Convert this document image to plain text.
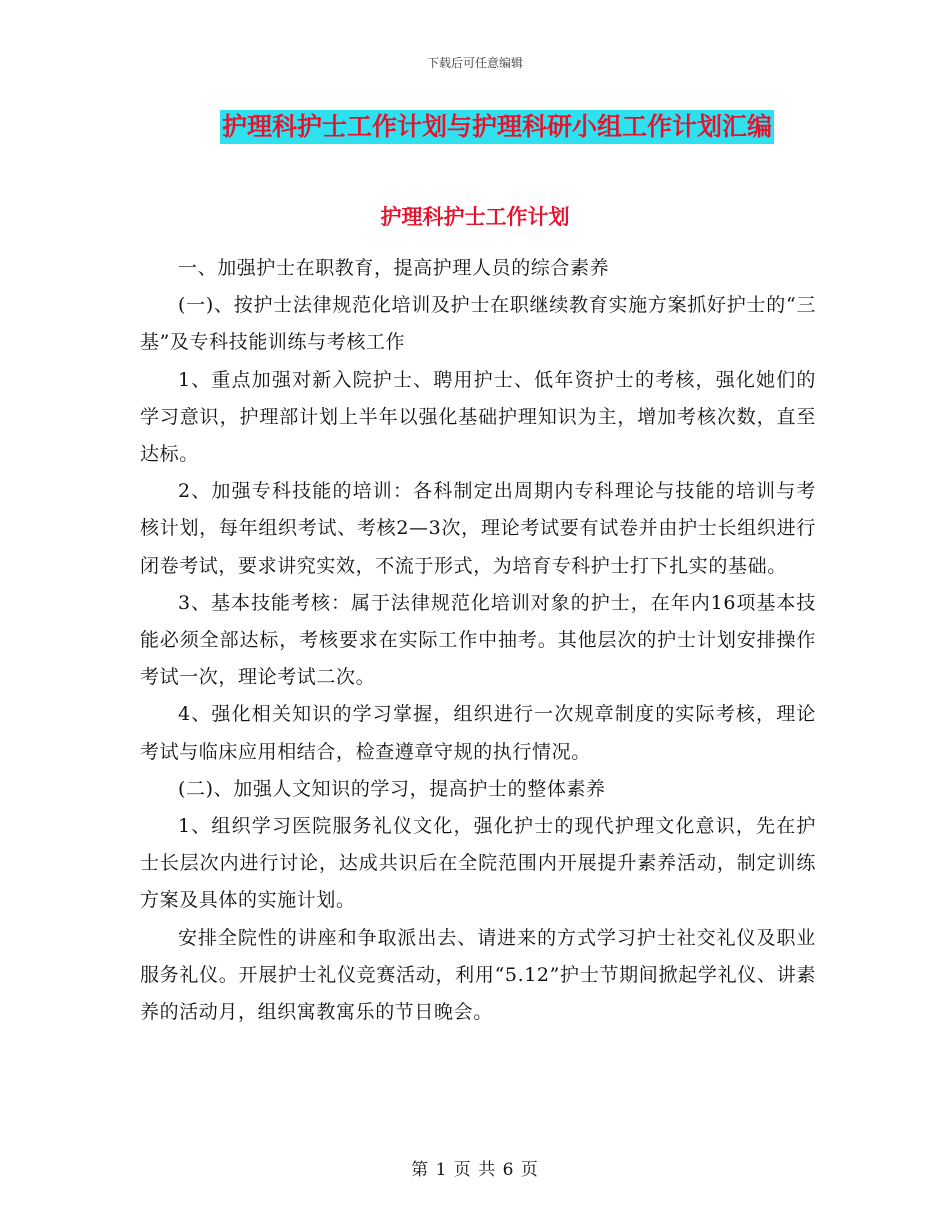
下载后可任意编辑
护理科护士工作计划与护理科研小组工作计划汇编
护理科护士工作计划

一、加强护士在职教育，提高护理人员的综合素养

(一)、按护士法律规范化培训及护士在职继续教育实施方案抓好护士的“三基”及专科技能训练与考核工作

1、重点加强对新入院护士、聘用护士、低年资护士的考核，强化她们的学习意识，护理部计划上半年以强化基础护理知识为主，增加考核次数，直至达标。

2、加强专科技能的培训：各科制定出周期内专科理论与技能的培训与考核计划，每年组织考试、考核2—3次，理论考试要有试卷并由护士长组织进行闭卷考试，要求讲究实效，不流于形式，为培育专科护士打下扎实的基础。

3、基本技能考核：属于法律规范化培训对象的护士，在年内16项基本技能必须全部达标，考核要求在实际工作中抽考。其他层次的护士计划安排操作考试一次，理论考试二次。

4、强化相关知识的学习掌握，组织进行一次规章制度的实际考核，理论考试与临床应用相结合，检查遵章守规的执行情况。

(二)、加强人文知识的学习，提高护士的整体素养

1、组织学习医院服务礼仪文化，强化护士的现代护理文化意识，先在护士长层次内进行讨论，达成共识后在全院范围内开展提升素养活动，制定训练方案及具体的实施计划。

安排全院性的讲座和争取派出去、请进来的方式学习护士社交礼仪及职业服务礼仪。开展护士礼仪竞赛活动，利用“5.12”护士节期间掀起学礼仪、讲素养的活动月，组织寓教寓乐的节日晚会。

第 1 页 共 6 页
